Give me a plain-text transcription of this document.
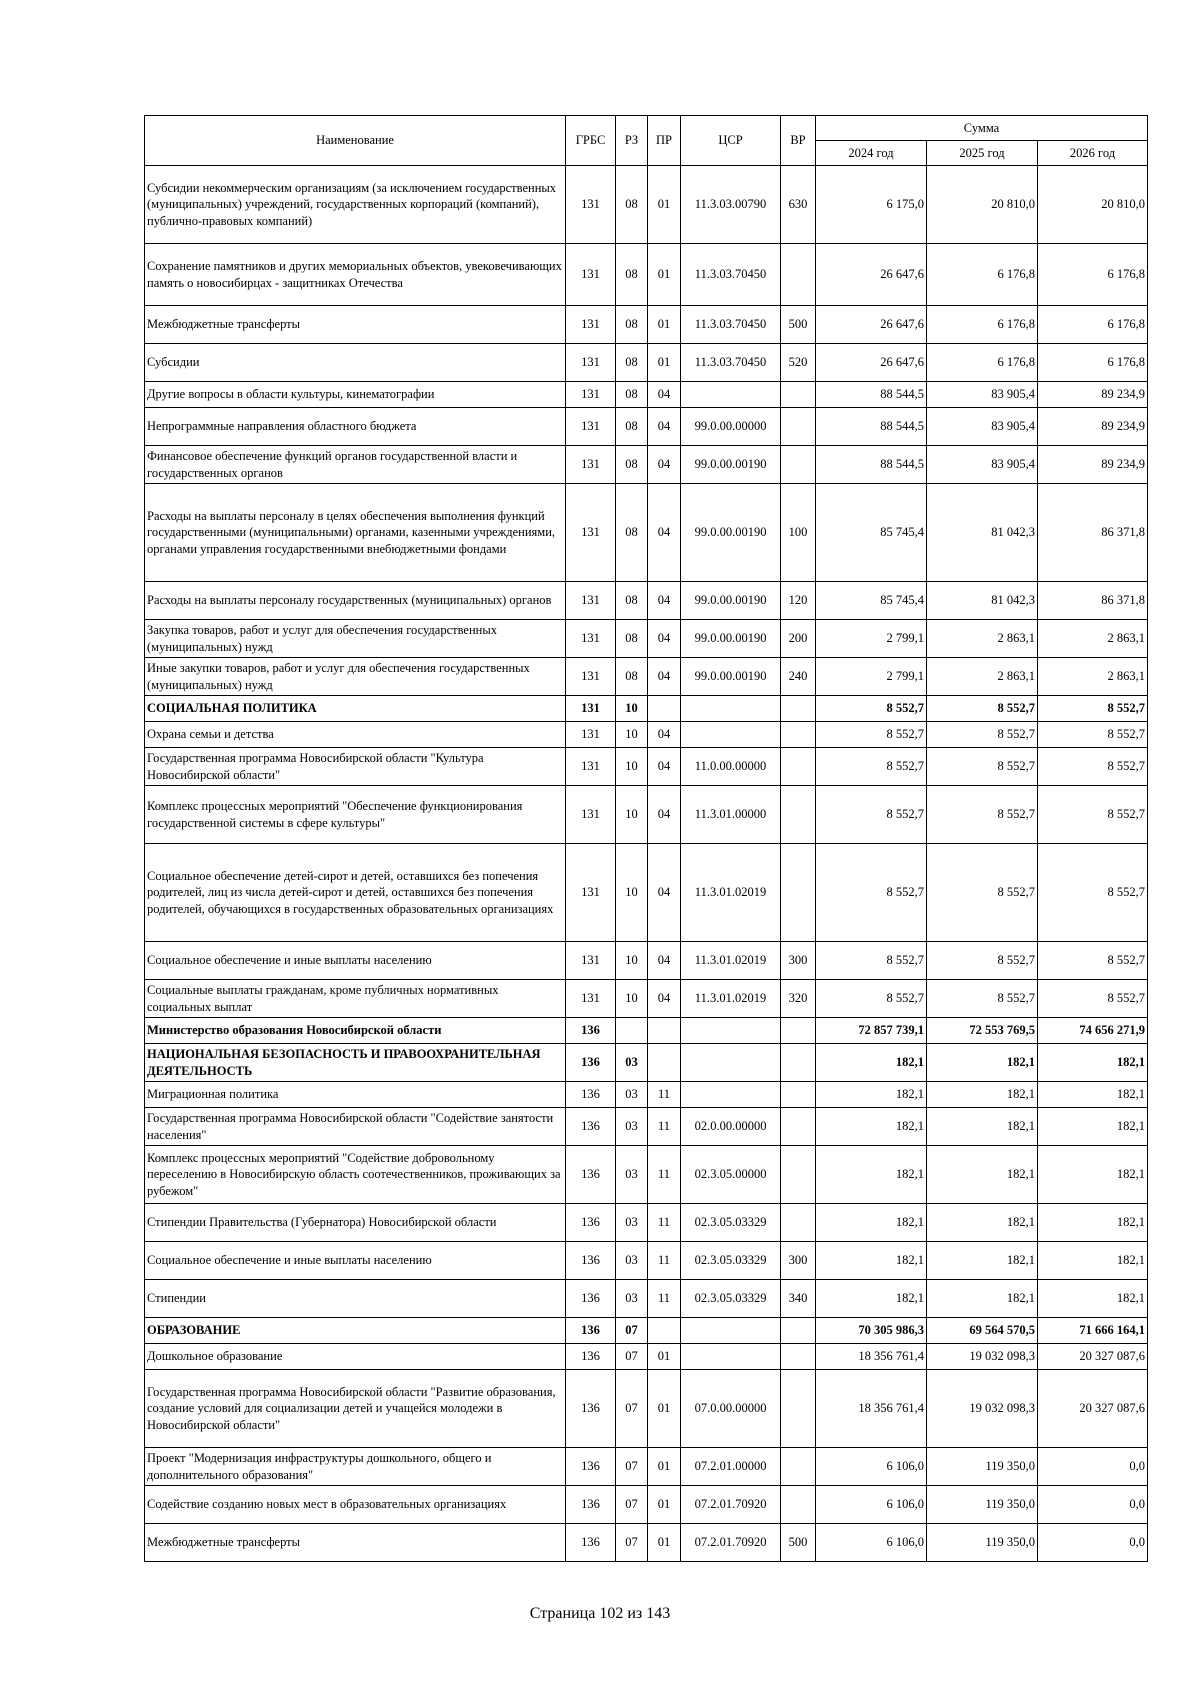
Наименование	ГРБС	РЗ	ПР	ЦСР	ВР	Сумма		
						2024 год	2025 год	2026 год
Субсидии некоммерческим организациям (за исключением государственных (муниципальных) учреждений, государственных корпораций (компаний), публично-правовых компаний)	131	08	01	11.3.03.00790	630	6 175,0	20 810,0	20 810,0
Сохранение памятников и других мемориальных объектов, увековечивающих память о новосибирцах - защитниках Отечества	131	08	01	11.3.03.70450		26 647,6	6 176,8	6 176,8
Межбюджетные трансферты	131	08	01	11.3.03.70450	500	26 647,6	6 176,8	6 176,8
Субсидии	131	08	01	11.3.03.70450	520	26 647,6	6 176,8	6 176,8
Другие вопросы в области культуры, кинематографии	131	08	04			88 544,5	83 905,4	89 234,9
Непрограммные направления областного бюджета	131	08	04	99.0.00.00000		88 544,5	83 905,4	89 234,9
Финансовое обеспечение функций органов государственной власти и государственных органов	131	08	04	99.0.00.00190		88 544,5	83 905,4	89 234,9
Расходы на выплаты персоналу в целях обеспечения выполнения функций государственными (муниципальными) органами, казенными учреждениями, органами управления государственными внебюджетными фондами	131	08	04	99.0.00.00190	100	85 745,4	81 042,3	86 371,8
Расходы на выплаты персоналу государственных (муниципальных) органов	131	08	04	99.0.00.00190	120	85 745,4	81 042,3	86 371,8
Закупка товаров, работ и услуг для обеспечения государственных (муниципальных) нужд	131	08	04	99.0.00.00190	200	2 799,1	2 863,1	2 863,1
Иные закупки товаров, работ и услуг для обеспечения государственных (муниципальных) нужд	131	08	04	99.0.00.00190	240	2 799,1	2 863,1	2 863,1
СОЦИАЛЬНАЯ ПОЛИТИКА	131	10				8 552,7	8 552,7	8 552,7
Охрана семьи и детства	131	10	04			8 552,7	8 552,7	8 552,7
Государственная программа Новосибирской области "Культура Новосибирской области"	131	10	04	11.0.00.00000		8 552,7	8 552,7	8 552,7
Комплекс процессных мероприятий "Обеспечение функционирования государственной системы в сфере культуры"	131	10	04	11.3.01.00000		8 552,7	8 552,7	8 552,7
Социальное обеспечение детей-сирот и детей, оставшихся без попечения родителей, лиц из числа детей-сирот и детей, оставшихся без попечения родителей, обучающихся в государственных образовательных организациях	131	10	04	11.3.01.02019		8 552,7	8 552,7	8 552,7
Социальное обеспечение и иные выплаты населению	131	10	04	11.3.01.02019	300	8 552,7	8 552,7	8 552,7
Социальные выплаты гражданам, кроме публичных нормативных социальных выплат	131	10	04	11.3.01.02019	320	8 552,7	8 552,7	8 552,7
Министерство образования Новосибирской области	136					72 857 739,1	72 553 769,5	74 656 271,9
НАЦИОНАЛЬНАЯ БЕЗОПАСНОСТЬ И ПРАВООХРАНИТЕЛЬНАЯ ДЕЯТЕЛЬНОСТЬ	136	03				182,1	182,1	182,1
Миграционная политика	136	03	11			182,1	182,1	182,1
Государственная программа Новосибирской области "Содействие занятости населения"	136	03	11	02.0.00.00000		182,1	182,1	182,1
Комплекс процессных мероприятий "Содействие добровольному переселению в Новосибирскую область соотечественников, проживающих за рубежом"	136	03	11	02.3.05.00000		182,1	182,1	182,1
Стипендии Правительства (Губернатора) Новосибирской области	136	03	11	02.3.05.03329		182,1	182,1	182,1
Социальное обеспечение и иные выплаты населению	136	03	11	02.3.05.03329	300	182,1	182,1	182,1
Стипендии	136	03	11	02.3.05.03329	340	182,1	182,1	182,1
ОБРАЗОВАНИЕ	136	07				70 305 986,3	69 564 570,5	71 666 164,1
Дошкольное образование	136	07	01			18 356 761,4	19 032 098,3	20 327 087,6
Государственная программа Новосибирской области "Развитие образования, создание условий для социализации детей и учащейся молодежи в Новосибирской области"	136	07	01	07.0.00.00000		18 356 761,4	19 032 098,3	20 327 087,6
Проект "Модернизация инфраструктуры дошкольного, общего и дополнительного образования"	136	07	01	07.2.01.00000		6 106,0	119 350,0	0,0
Содействие созданию новых мест в образовательных организациях	136	07	01	07.2.01.70920		6 106,0	119 350,0	0,0
Межбюджетные трансферты	136	07	01	07.2.01.70920	500	6 106,0	119 350,0	0,0
Страница 102 из 143
